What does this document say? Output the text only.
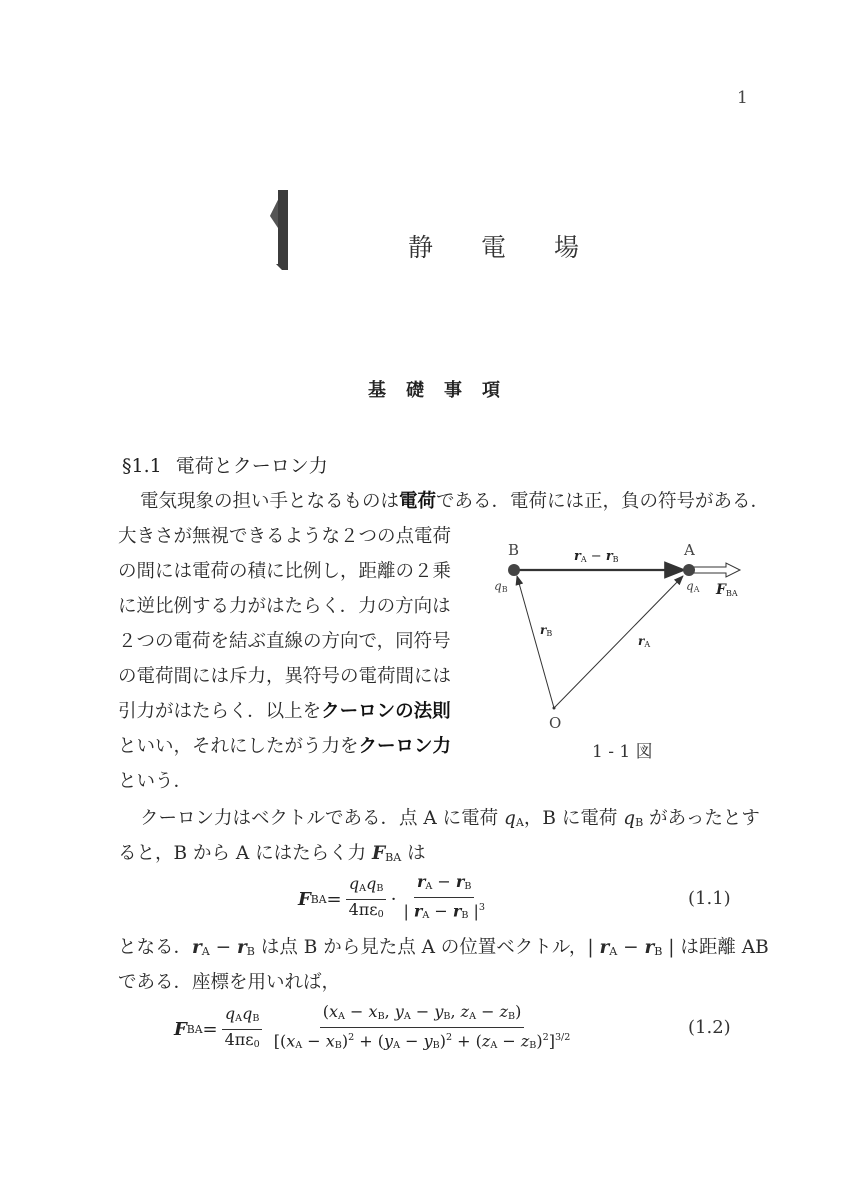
1
静電場
基礎事項
§1.1 電荷とクーロン力
電気現象の担い手となるものは電荷である．電荷には正，負の符号がある．
大きさが無視できるような２つの点電荷
の間には電荷の積に比例し，距離の２乗
に逆比例する力がはたらく．力の方向は
２つの電荷を結ぶ直線の方向で，同符号
の電荷間には斥力，異符号の電荷間には
引力がはたらく．以上をクーロンの法則
といい，それにしたがう力をクーロン力
という．
B	A
O
rA − rB
qB	qA FBA
rB
rA
1 - 1 図
クーロン力はベクトルである．点 A に電荷 $q_A$，B に電荷 $q_B$ があったとす
ると，B から A にはたらく力 $F_{BA}$ は
F BA = $\frac{q_Aq_B}{4\pi\varepsilon_0} \cdot \frac{r_A - r_B}{| r_A - r_B |^3}$	(1.1)
となる．$r_A - r_B$ は点 B から見た点 A の位置ベクトル，| $r_A - r_B$ | は距離 AB
である．座標を用いれば，
F BA = $\frac{q_Aq_B}{4\pi\varepsilon_0} \frac{(x_A - x_B, y_A - y_B, z_A - z_B)}{[(x_A - x_B)^2 + (y_A - y_B)^2 + (z_A - z_B)^2]^{3/2}}$	(1.2)
